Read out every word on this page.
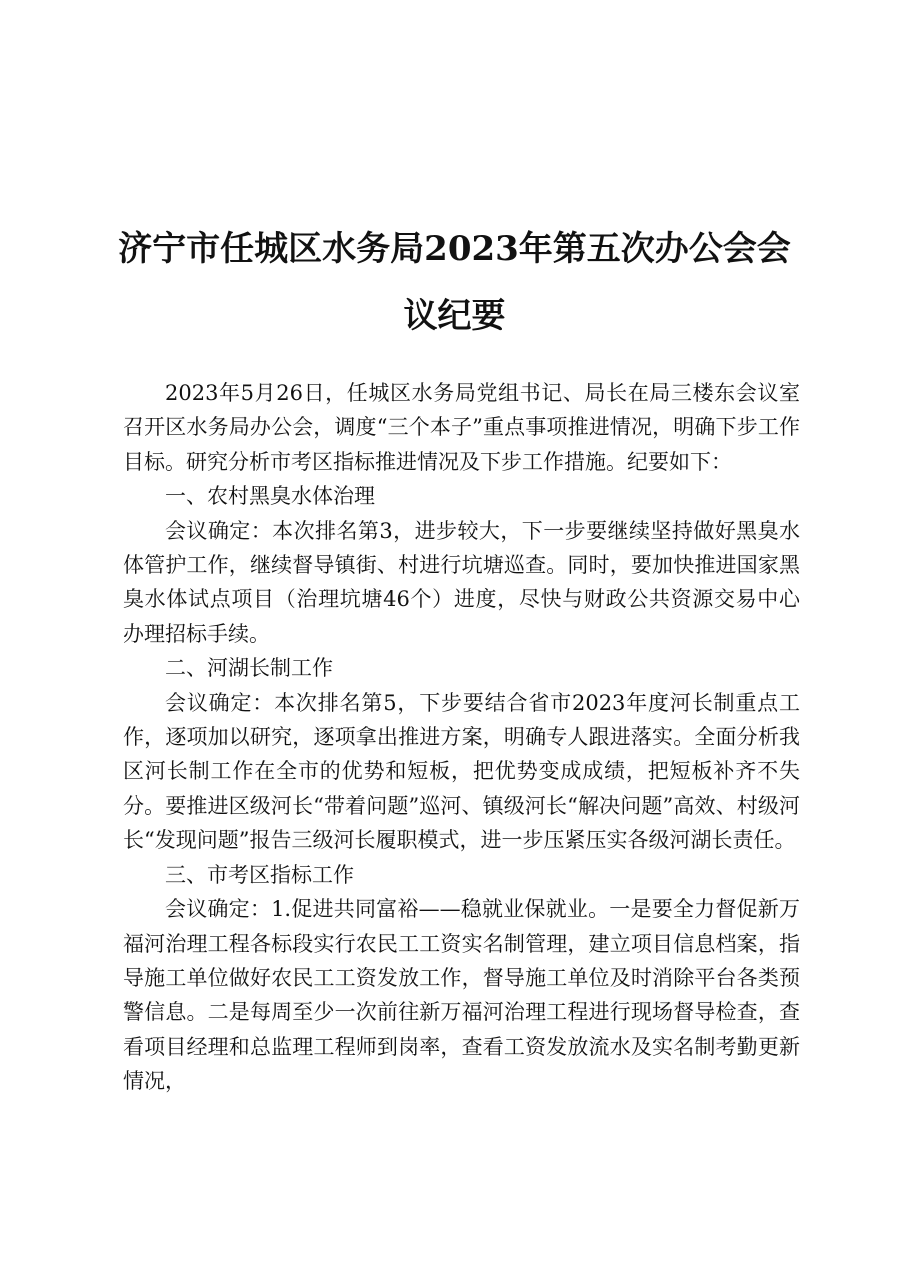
济宁市任城区水务局2023年第五次办公会会
议纪要

2023年5月26日，任城区水务局党组书记、局长在局三楼东会议室召开区水务局办公会，调度“三个本子”重点事项推进情况，明确下步工作目标。研究分析市考区指标推进情况及下步工作措施。纪要如下：

一、农村黑臭水体治理

会议确定：本次排名第3，进步较大，下一步要继续坚持做好黑臭水体管护工作，继续督导镇街、村进行坑塘巡查。同时，要加快推进国家黑臭水体试点项目（治理坑塘46个）进度，尽快与财政公共资源交易中心办理招标手续。

二、河湖长制工作

会议确定：本次排名第5，下步要结合省市2023年度河长制重点工作，逐项加以研究，逐项拿出推进方案，明确专人跟进落实。全面分析我区河长制工作在全市的优势和短板，把优势变成成绩，把短板补齐不失分。要推进区级河长“带着问题”巡河、镇级河长“解决问题”高效、村级河长“发现问题”报告三级河长履职模式，进一步压紧压实各级河湖长责任。

三、市考区指标工作

会议确定：1.促进共同富裕——稳就业保就业。一是要全力督促新万福河治理工程各标段实行农民工工资实名制管理，建立项目信息档案，指导施工单位做好农民工工资发放工作，督导施工单位及时消除平台各类预警信息。二是每周至少一次前往新万福河治理工程进行现场督导检查，查看项目经理和总监理工程师到岗率，查看工资发放流水及实名制考勤更新情况，
